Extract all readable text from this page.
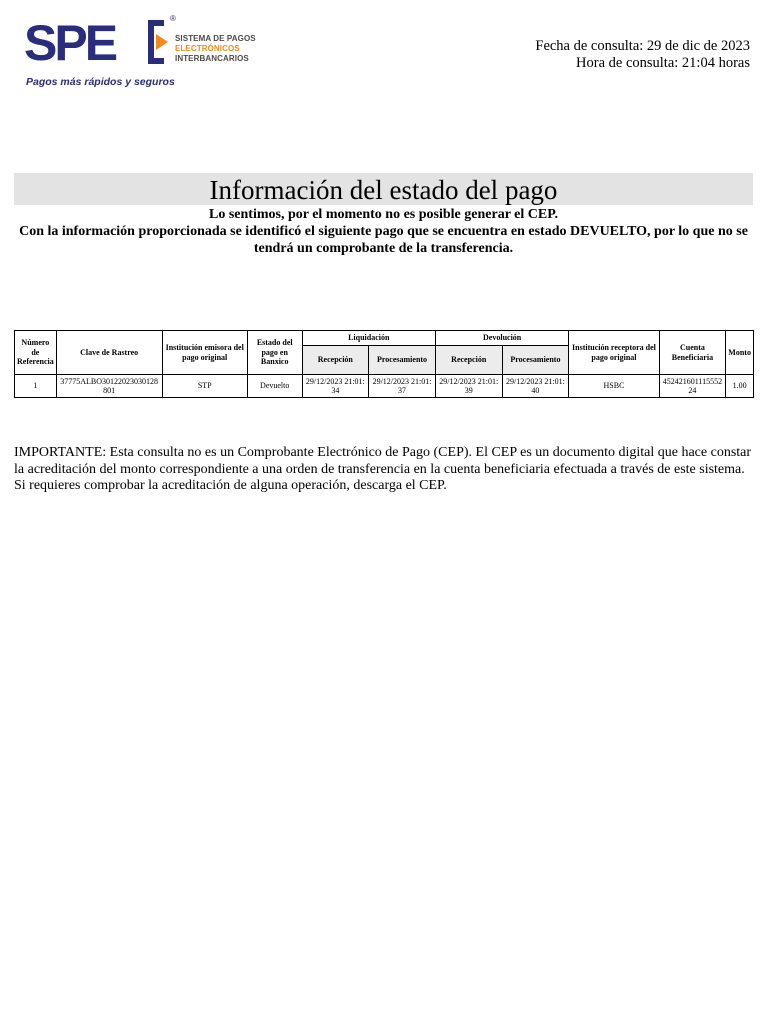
SPE	®
SISTEMA DE PAGOS
ELECTRÓNICOS
INTERBANCARIOS
Pagos más rápidos y seguros
Fecha de consulta: 29 de dic de 2023
Hora de consulta: 21:04 horas
Información del estado del pago
Lo sentimos, por el momento no es posible generar el CEP.
Con la información proporcionada se identificó el siguiente pago que se encuentra en estado DEVUELTO, por lo que no se tendrá un comprobante de la transferencia.
Número de Referencia	Clave de Rastreo	Institución emisora del pago original	Estado del pago en Banxico	Liquidación		Devolución		Institución receptora del pago original	Cuenta Beneficiaria	Monto
				Recepción	Procesamiento	Recepción	Procesamiento			
1	37775ALBO30122023030128801	STP	Devuelto	29/12/2023 21:01:34	29/12/2023 21:01:37	29/12/2023 21:01:39	29/12/2023 21:01:40	HSBC	45242160111555224	1.00
IMPORTANTE: Esta consulta no es un Comprobante Electrónico de Pago (CEP). El CEP es un documento digital que hace constar la acreditación del monto correspondiente a una orden de transferencia en la cuenta beneficiaria efectuada a través de este sistema. Si requieres comprobar la acreditación de alguna operación, descarga el CEP.
